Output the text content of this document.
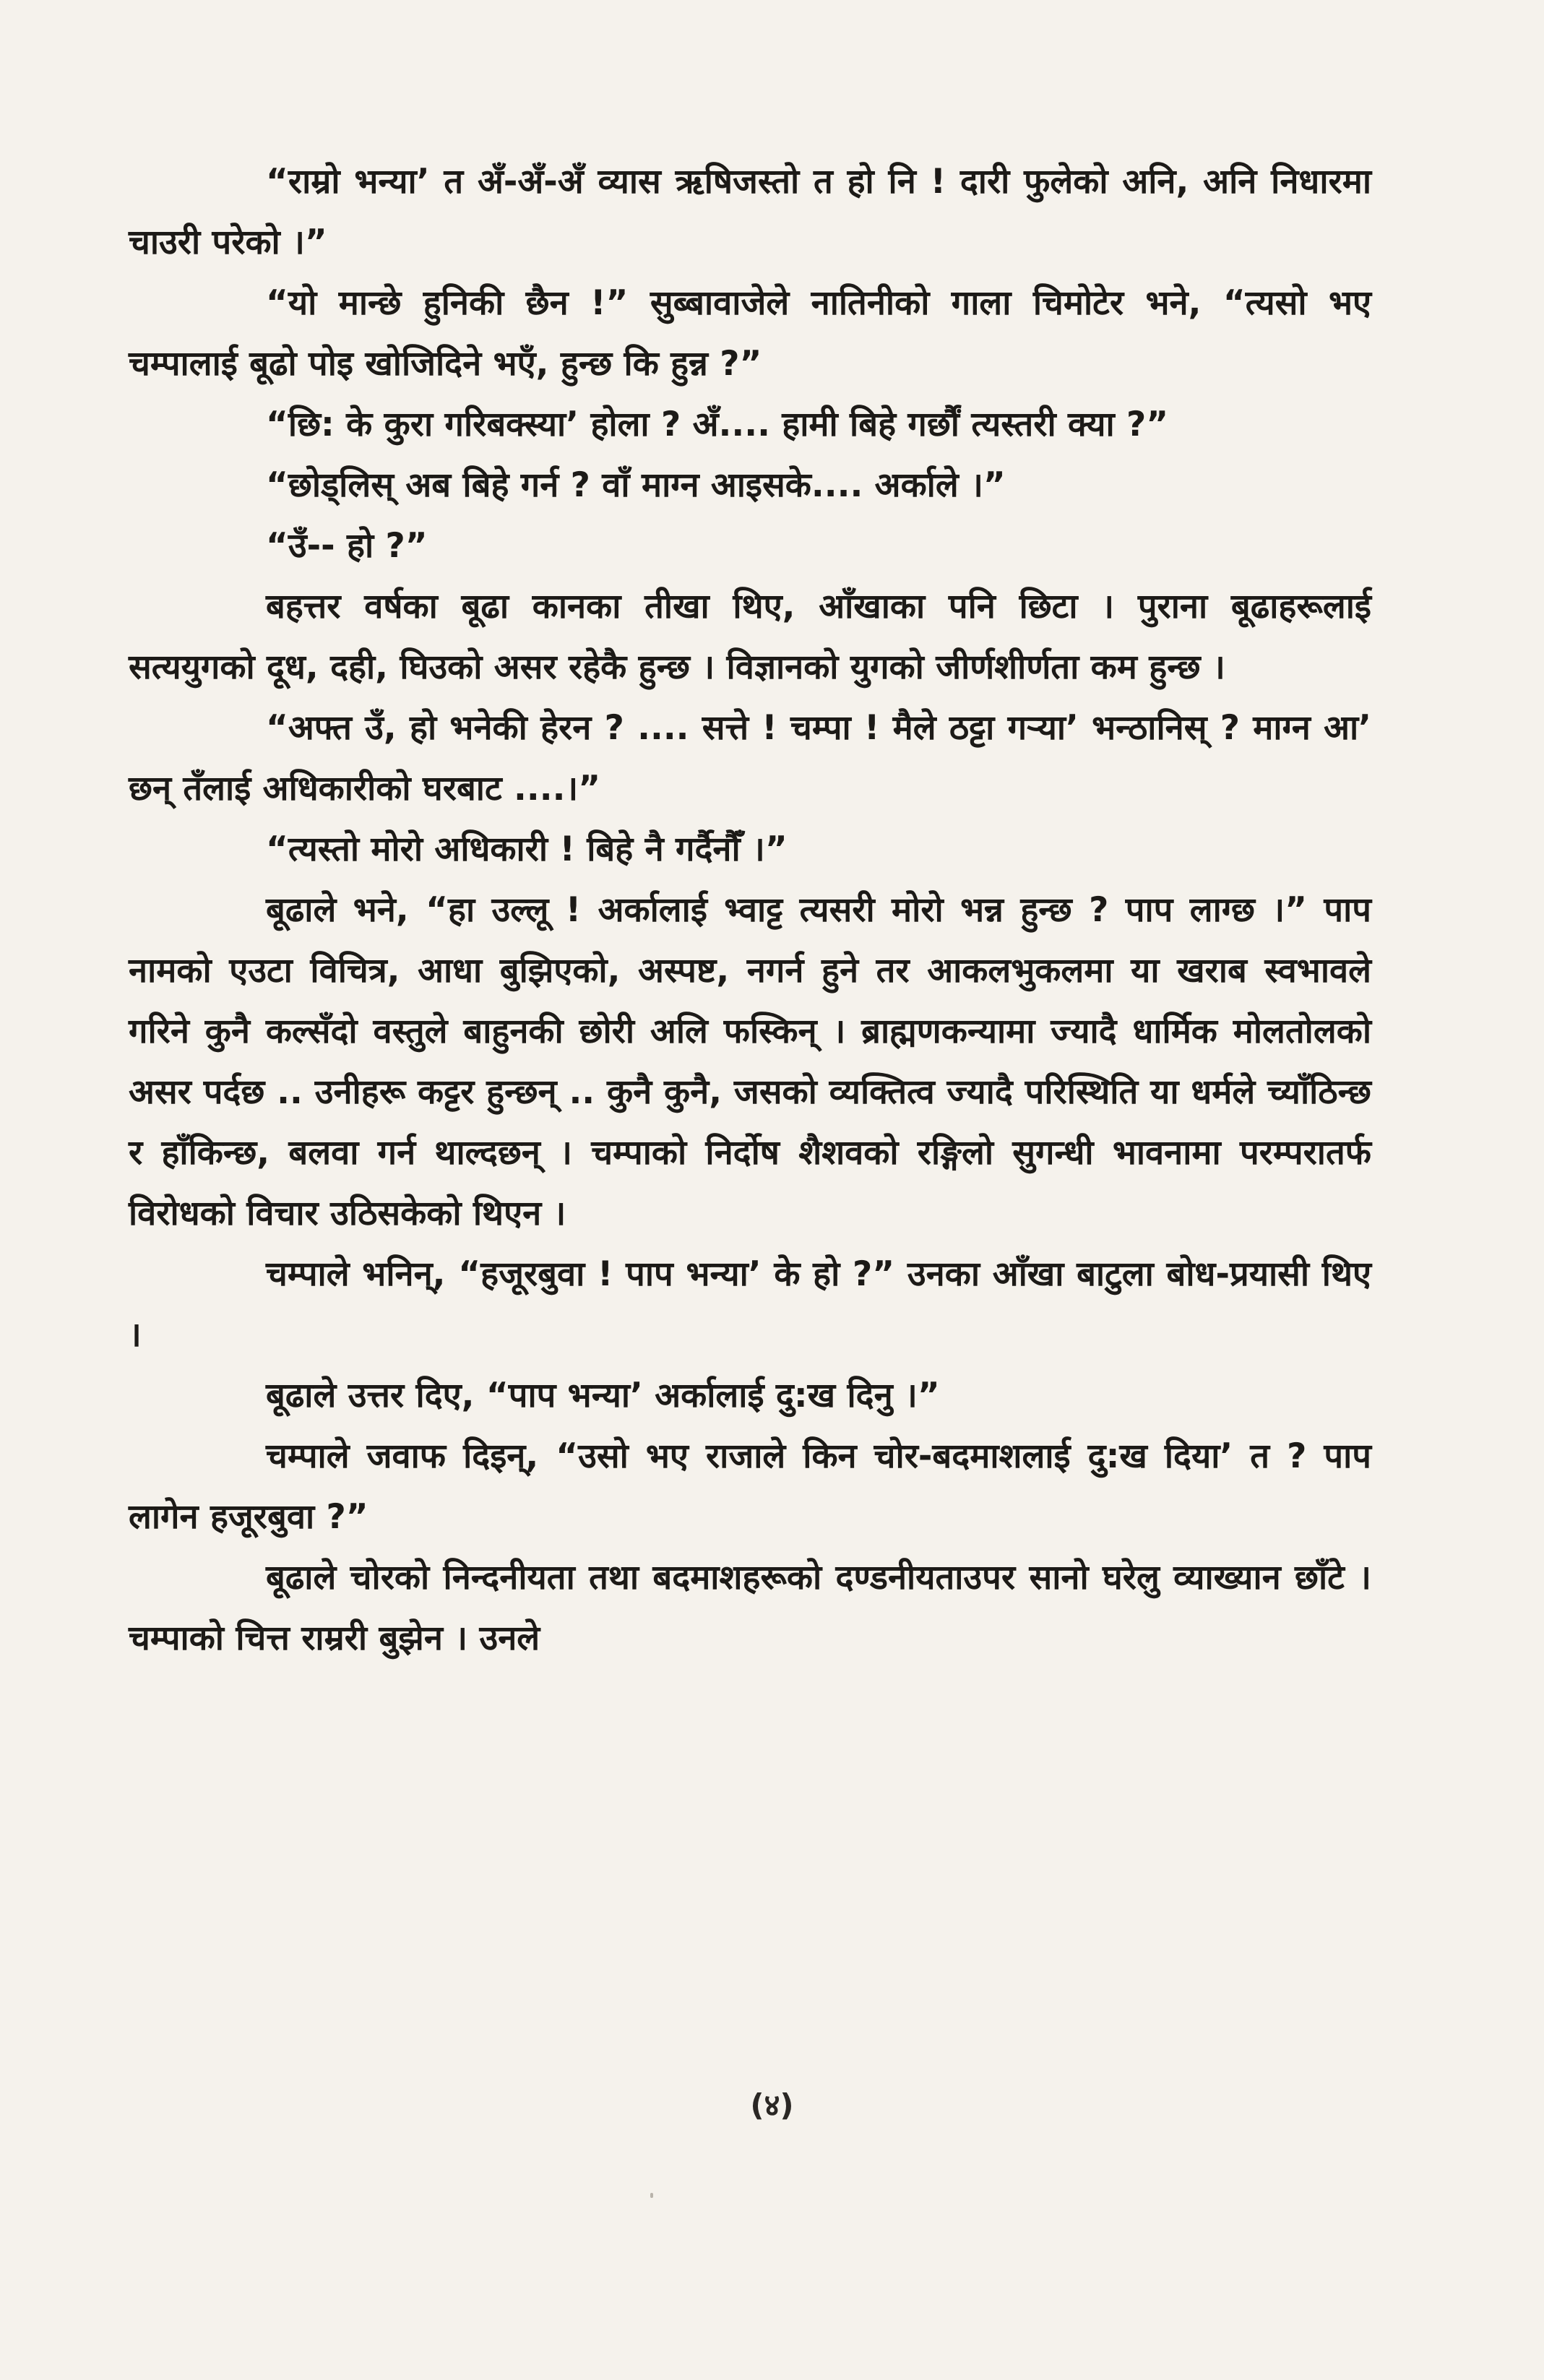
“राम्रो भन्या’ त अँ-अँ-अँ व्यास ऋषिजस्तो त हो नि ! दारी फुलेको अनि, अनि निधारमा चाउरी परेको ।”

“यो मान्छे हुनिकी छैन !” सुब्बावाजेले नातिनीको गाला चिमोटेर भने, “त्यसो भए चम्पालाई बूढो पोइ खोजिदिने भएँ, हुन्छ कि हुन्न ?”

“छि: के कुरा गरिबक्स्या’ होला ? अँ.... हामी बिहे गर्छौं त्यस्तरी क्या ?”

“छोड्लिस् अब बिहे गर्न ? वाँ माग्न आइसके.... अर्काले ।”

“उँ-- हो ?”

बहत्तर वर्षका बूढा कानका तीखा थिए, आँखाका पनि छिटा । पुराना बूढाहरूलाई सत्ययुगको दूध, दही, घिउको असर रहेकै हुन्छ । विज्ञानको युगको जीर्णशीर्णता कम हुन्छ ।

“अफ्त उँ, हो भनेकी हेरन ? .... सत्ते ! चम्पा ! मैले ठट्टा गऱ्या’ भन्ठानिस् ? माग्न आ’ छन् तँलाई अधिकारीको घरबाट ....।”

“त्यस्तो मोरो अधिकारी ! बिहे नै गर्दैनौँ ।”

बूढाले भने, “हा उल्लू ! अर्कालाई भ्वाट्ट त्यसरी मोरो भन्न हुन्छ ? पाप लाग्छ ।” पाप नामको एउटा विचित्र, आधा बुझिएको, अस्पष्ट, नगर्न हुने तर आकलभुकलमा या खराब स्वभावले गरिने कुनै कल्सँदो वस्तुले बाहुनकी छोरी अलि फस्किन् । ब्राह्मणकन्यामा ज्यादै धार्मिक मोलतोलको असर पर्दछ .. उनीहरू कट्टर हुन्छन् .. कुनै कुनै, जसको व्यक्तित्व ज्यादै परिस्थिति या धर्मले च्याँठिन्छ र हाँकिन्छ, बलवा गर्न थाल्दछन् । चम्पाको निर्दोष शैशवको रङ्गिलो सुगन्धी भावनामा परम्परातर्फ विरोधको विचार उठिसकेको थिएन ।

चम्पाले भनिन्, “हजूरबुवा ! पाप भन्या’ के हो ?” उनका आँखा बाटुला बोध-प्रयासी थिए ।

बूढाले उत्तर दिए, “पाप भन्या’ अर्कालाई दु:ख दिनु ।”

चम्पाले जवाफ दिइन्, “उसो भए राजाले किन चोर-बदमाशलाई दु:ख दिया’ त ? पाप लागेन हजूरबुवा ?”

बूढाले चोरको निन्दनीयता तथा बदमाशहरूको दण्डनीयताउपर सानो घरेलु व्याख्यान छाँटे । चम्पाको चित्त राम्ररी बुझेन । उनले

(४)
